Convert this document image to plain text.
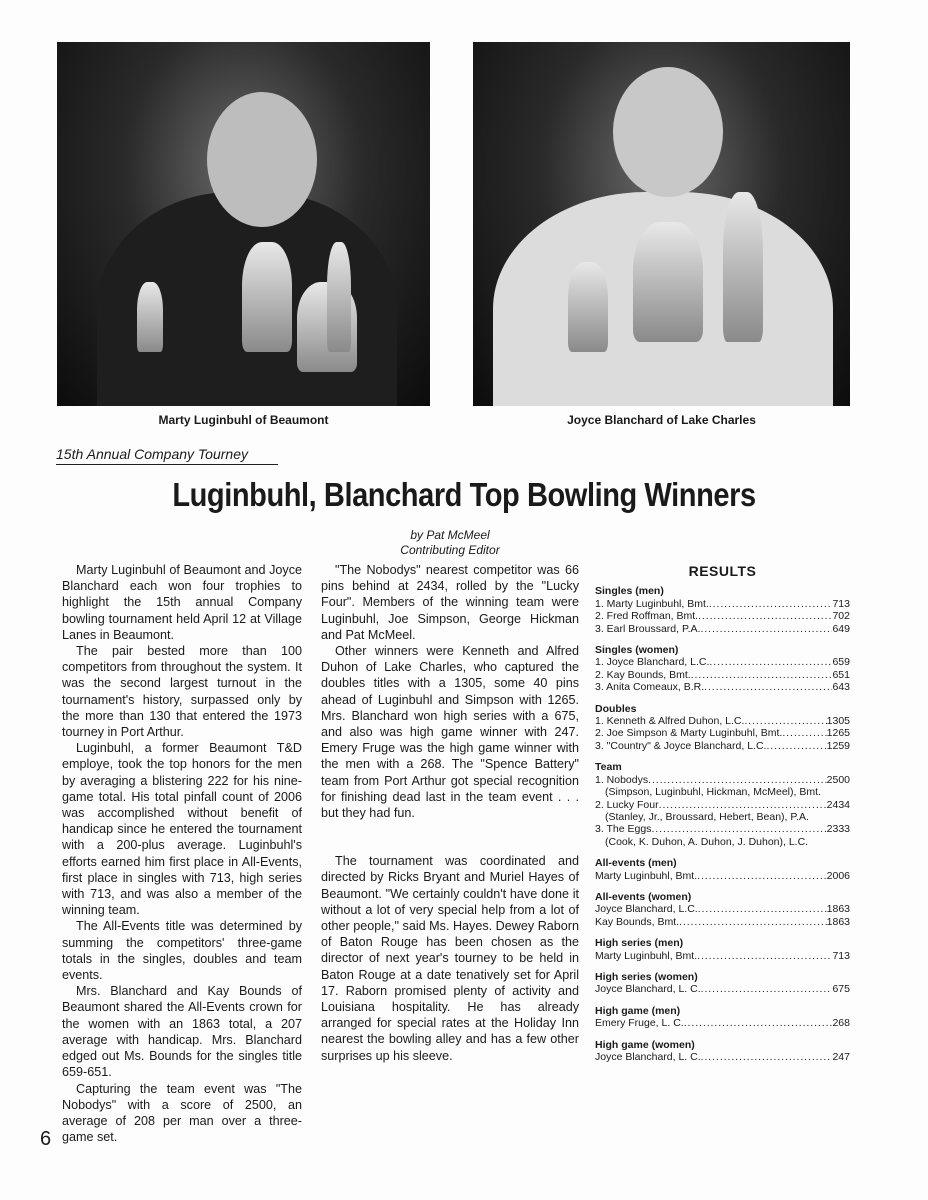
Marty Luginbuhl of Beaumont	Joyce Blanchard of Lake Charles
15th Annual Company Tourney
Luginbuhl, Blanchard Top Bowling Winners
by Pat McMeel
Contributing Editor

Marty Luginbuhl of Beaumont and Joyce Blanchard each won four trophies to highlight the 15th annual Company bowling tournament held April 12 at Village Lanes in Beaumont.

The pair bested more than 100 competitors from throughout the system. It was the second largest turnout in the tournament's history, surpassed only by the more than 130 that entered the 1973 tourney in Port Arthur.

Luginbuhl, a former Beaumont T&D employe, took the top honors for the men by averaging a blistering 222 for his nine-game total. His total pinfall count of 2006 was accomplished without benefit of handicap since he entered the tournament with a 200-plus average. Luginbuhl's efforts earned him first place in All-Events, first place in singles with 713, high series with 713, and was also a member of the winning team.

The All-Events title was determined by summing the competitors' three-game totals in the singles, doubles and team events.

Mrs. Blanchard and Kay Bounds of Beaumont shared the All-Events crown for the women with an 1863 total, a 207 average with handicap. Mrs. Blanchard edged out Ms. Bounds for the singles title 659-651.

Capturing the team event was "The Nobodys" with a score of 2500, an average of 208 per man over a three-game set.

"The Nobodys" nearest competitor was 66 pins behind at 2434, rolled by the "Lucky Four". Members of the winning team were Luginbuhl, Joe Simpson, George Hickman and Pat McMeel.

Other winners were Kenneth and Alfred Duhon of Lake Charles, who captured the doubles titles with a 1305, some 40 pins ahead of Luginbuhl and Simpson with 1265. Mrs. Blanchard won high series with a 675, and also was high game winner with 247. Emery Fruge was the high game winner with the men with a 268. The "Spence Battery" team from Port Arthur got special recognition for finishing dead last in the team event . . . but they had fun.

The tournament was coordinated and directed by Ricks Bryant and Muriel Hayes of Beaumont. "We certainly couldn't have done it without a lot of very special help from a lot of other people," said Ms. Hayes. Dewey Raborn of Baton Rouge has been chosen as the director of next year's tourney to be held in Baton Rouge at a date tenatively set for April 17. Raborn promised plenty of activity and Louisiana hospitality. He has already arranged for special rates at the Holiday Inn nearest the bowling alley and has a few other surprises up his sleeve.

RESULTS
Singles (men)
1. Marty Luginbuhl, Bmt. . . .	713
2. Fred Roffman, Bmt. . . .	702
3. Earl Broussard, P.A. . . .	649
Singles (women)
1. Joyce Blanchard, L.C. . . .	659
2. Kay Bounds, Bmt. . . .	651
3. Anita Comeaux, B.R. . . .	643
Doubles
1. Kenneth & Alfred Duhon, L.C. . . .	1305
2. Joe Simpson & Marty Luginbuhl, Bmt. . . .	1265
3. "Country" & Joyce Blanchard, L.C. . . .	1259
Team
1. Nobodys . . .	2500
(Simpson, Luginbuhl, Hickman, McMeel), Bmt.
2. Lucky Four . . .	2434
(Stanley, Jr., Broussard, Hebert, Bean), P.A.
3. The Eggs . . .	2333
(Cook, K. Duhon, A. Duhon, J. Duhon), L.C.
All-events (men)
Marty Luginbuhl, Bmt. . . .	2006
All-events (women)
Joyce Blanchard, L.C. . . .	1863
Kay Bounds, Bmt. . . .	1863
High series (men)
Marty Luginbuhl, Bmt. . . .	713
High series (women)
Joyce Blanchard, L. C. . . .	675
High game (men)
Emery Fruge, L. C. . . .	268
High game (women)
Joyce Blanchard, L. C. . . .	247
6
